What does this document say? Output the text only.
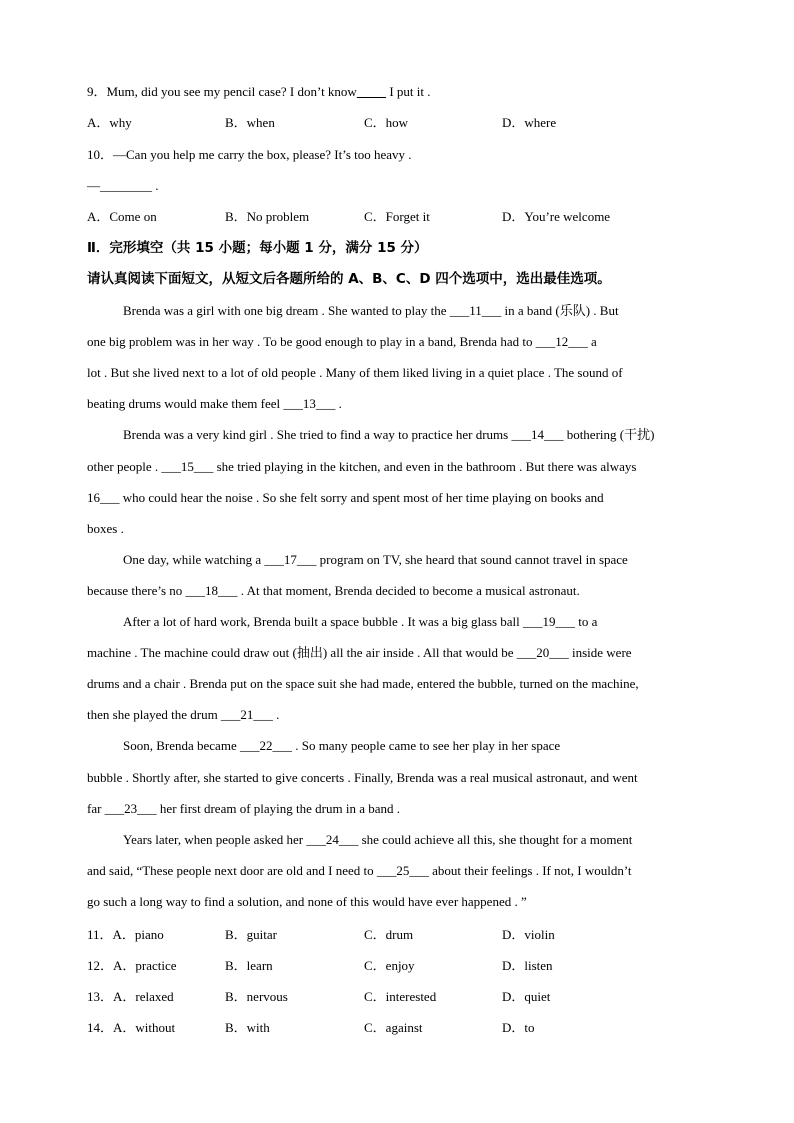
9．Mum, did you see my pencil case? I don’t know          I put it .
A．why	B．when	C．how	D．where
10．—Can you help me carry the box, please? It’s too heavy .
—________ .
A．Come on	B．No problem	C．Forget it	D．You’re welcome
Ⅱ．完形填空（共 15 小题；每小题 1 分，满分 15 分）
请认真阅读下面短文，从短文后各题所给的 A、B、C、D 四个选项中，选出最佳选项。
Brenda was a girl with one big dream . She wanted to play the ___11___ in a band (乐队) . But
one big problem was in her way . To be good enough to play in a band, Brenda had to ___12___ a
lot . But she lived next to a lot of old people . Many of them liked living in a quiet place . The sound of
beating drums would make them feel ___13___ .
Brenda was a very kind girl . She tried to find a way to practice her drums ___14___ bothering (干扰)
other people . ___15___ she tried playing in the kitchen, and even in the bathroom . But there was always
16___ who could hear the noise . So she felt sorry and spent most of her time playing on books and
boxes .
One day, while watching a ___17___ program on TV, she heard that sound cannot travel in space
because there’s no ___18___ . At that moment, Brenda decided to become a musical astronaut.
After a lot of hard work, Brenda built a space bubble . It was a big glass ball ___19___ to a
machine . The machine could draw out (抽出) all the air inside . All that would be ___20___ inside were
drums and a chair . Brenda put on the space suit she had made, entered the bubble, turned on the machine,
then she played the drum ___21___ .
Soon, Brenda became ___22___ . So many people came to see her play in her space
bubble . Shortly after, she started to give concerts . Finally, Brenda was a real musical astronaut, and went
far ___23___ her first dream of playing the drum in a band .
Years later, when people asked her ___24___ she could achieve all this, she thought for a moment
and said, “These people next door are old and I need to ___25___ about their feelings . If not, I wouldn’t
go such a long way to find a solution, and none of this would have ever happened . ”
11．A．piano	B．guitar	C．drum	D．violin
12．A．practice	B．learn	C．enjoy	D．listen
13．A．relaxed	B．nervous	C．interested	D．quiet
14．A．without	B．with	C．against	D．to
